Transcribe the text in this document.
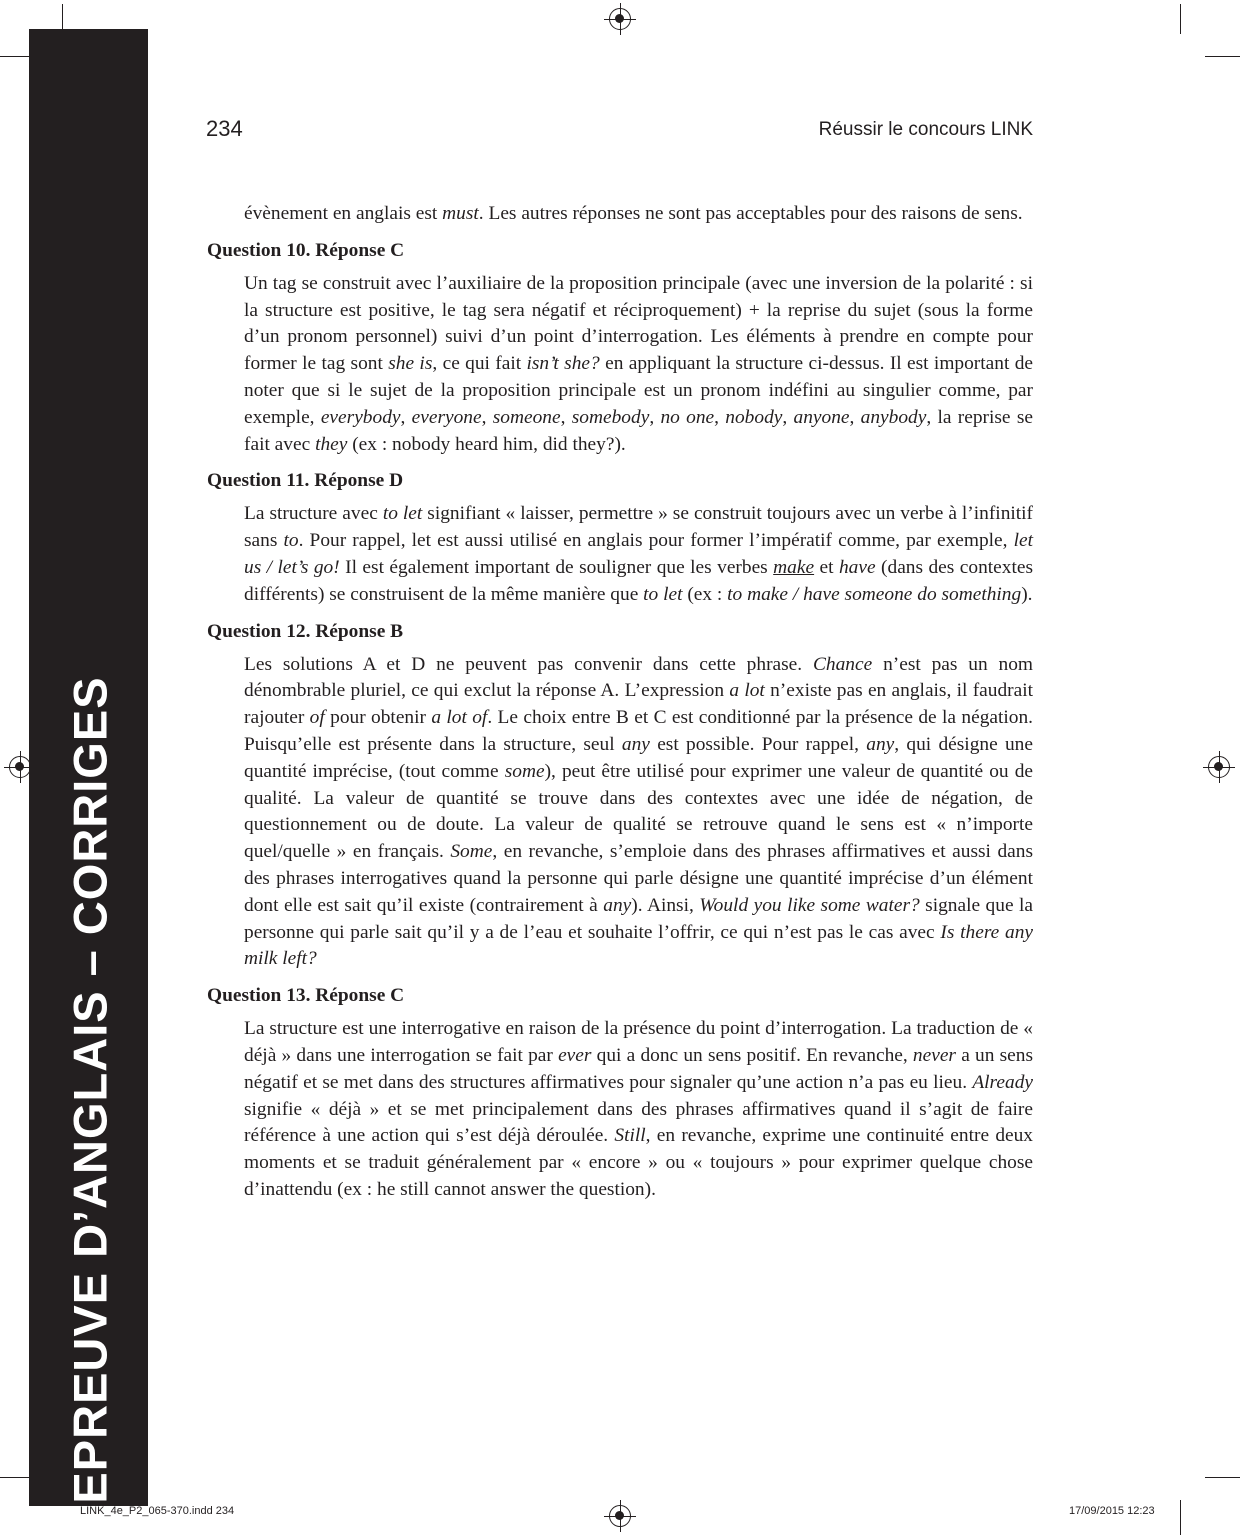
EPREUVE D’ANGLAIS – CORRIGES
234	Réussir le concours LINK

évènement en anglais est must. Les autres réponses ne sont pas acceptables pour des raisons de sens.

Question 10. Réponse C

Un tag se construit avec l’auxiliaire de la proposition principale (avec une inversion de la polarité : si la structure est positive, le tag sera négatif et réciproquement) + la reprise du sujet (sous la forme d’un pronom personnel) suivi d’un point d’interrogation. Les éléments à prendre en compte pour former le tag sont she is, ce qui fait isn’t she? en appliquant la structure ci-dessus. Il est important de noter que si le sujet de la proposition principale est un pronom indéfini au singulier comme, par exemple, everybody, everyone, someone, somebody, no one, nobody, anyone, anybody, la reprise se fait avec they (ex : nobody heard him, did they?).

Question 11. Réponse D

La structure avec to let signifiant « laisser, permettre » se construit toujours avec un verbe à l’infinitif sans to. Pour rappel, let est aussi utilisé en anglais pour former l’impératif comme, par exemple, let us / let’s go! Il est également important de souligner que les verbes make et have (dans des contextes différents) se construisent de la même manière que to let (ex : to make / have someone do something).

Question 12. Réponse B

Les solutions A et D ne peuvent pas convenir dans cette phrase. Chance n’est pas un nom dénombrable pluriel, ce qui exclut la réponse A. L’expression a lot n’existe pas en anglais, il faudrait rajouter of pour obtenir a lot of. Le choix entre B et C est conditionné par la présence de la négation. Puisqu’elle est présente dans la structure, seul any est possible. Pour rappel, any, qui désigne une quantité imprécise, (tout comme some), peut être utilisé pour exprimer une valeur de quantité ou de qualité. La valeur de quantité se trouve dans des contextes avec une idée de négation, de questionnement ou de doute. La valeur de qualité se retrouve quand le sens est « n’importe quel/quelle » en français. Some, en revanche, s’emploie dans des phrases affirmatives et aussi dans des phrases interrogatives quand la personne qui parle désigne une quantité imprécise d’un élément dont elle est sait qu’il existe (contrairement à any). Ainsi, Would you like some water? signale que la personne qui parle sait qu’il y a de l’eau et souhaite l’offrir, ce qui n’est pas le cas avec Is there any milk left?

Question 13. Réponse C

La structure est une interrogative en raison de la présence du point d’interrogation. La traduction de « déjà » dans une interrogation se fait par ever qui a donc un sens positif. En revanche, never a un sens négatif et se met dans des structures affirmatives pour signaler qu’une action n’a pas eu lieu. Already signifie « déjà » et se met principalement dans des phrases affirmatives quand il s’agit de faire référence à une action qui s’est déjà déroulée. Still, en revanche, exprime une continuité entre deux moments et se traduit généralement par « encore » ou « toujours » pour exprimer quelque chose d’inattendu (ex : he still cannot answer the question).

LINK_4e_P2_065-370.indd 234	17/09/2015 12:23
